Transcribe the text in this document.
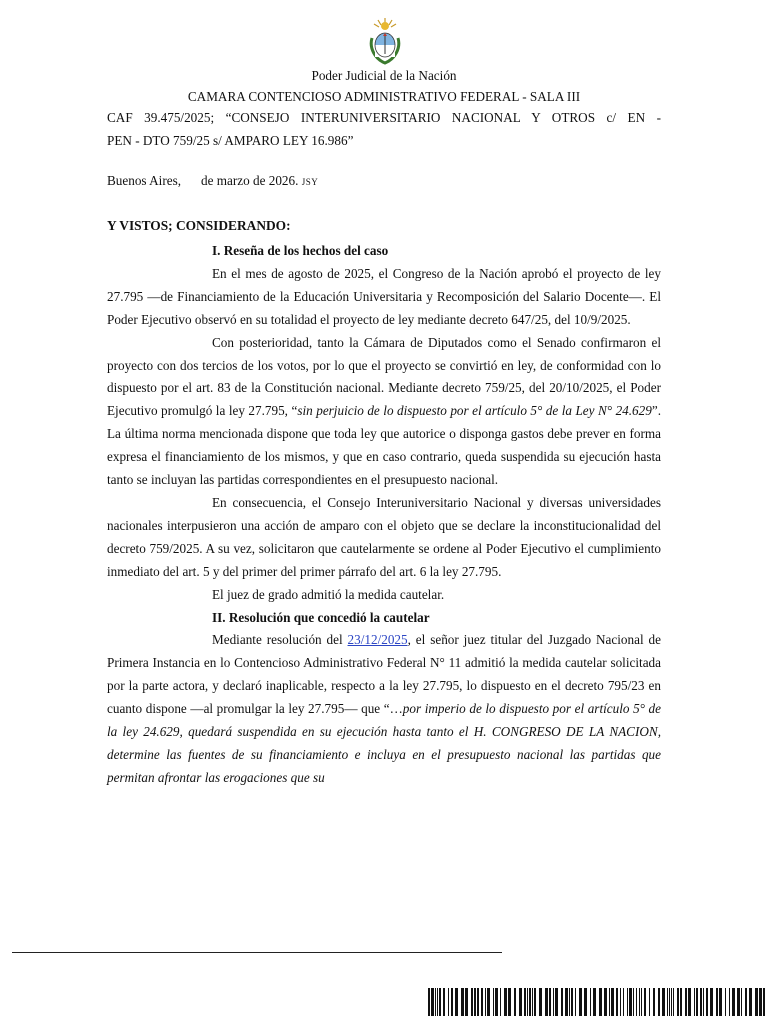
Poder Judicial de la Nación
CAMARA CONTENCIOSO ADMINISTRATIVO FEDERAL - SALA III
CAF 39.475/2025; “CONSEJO INTERUNIVERSITARIO NACIONAL Y OTROS c/ EN -
PEN - DTO 759/25 s/ AMPARO LEY 16.986”
Buenos Aires, de marzo de 2026. JSY
Y VISTOS; CONSIDERANDO:

I. Reseña de los hechos del caso

En el mes de agosto de 2025, el Congreso de la Nación aprobó el proyecto de ley 27.795 —de Financiamiento de la Educación Universitaria y Recomposición del Salario Docente—. El Poder Ejecutivo observó en su totalidad el proyecto de ley mediante decreto 647/25, del 10/9/2025.

Con posterioridad, tanto la Cámara de Diputados como el Senado confirmaron el proyecto con dos tercios de los votos, por lo que el proyecto se convirtió en ley, de conformidad con lo dispuesto por el art. 83 de la Constitución nacional. Mediante decreto 759/25, del 20/10/2025, el Poder Ejecutivo promulgó la ley 27.795, “sin perjuicio de lo dispuesto por el artículo 5° de la Ley N° 24.629”. La última norma mencionada dispone que toda ley que autorice o disponga gastos debe prever en forma expresa el financiamiento de los mismos, y que en caso contrario, queda suspendida su ejecución hasta tanto se incluyan las partidas correspondientes en el presupuesto nacional.

En consecuencia, el Consejo Interuniversitario Nacional y diversas universidades nacionales interpusieron una acción de amparo con el objeto que se declare la inconstitucionalidad del decreto 759/2025. A su vez, solicitaron que cautelarmente se ordene al Poder Ejecutivo el cumplimiento inmediato del art. 5 y del primer del primer párrafo del art. 6 la ley 27.795.

El juez de grado admitió la medida cautelar.

II. Resolución que concedió la cautelar

Mediante resolución del 23/12/2025, el señor juez titular del Juzgado Nacional de Primera Instancia en lo Contencioso Administrativo Federal N° 11 admitió la medida cautelar solicitada por la parte actora, y declaró inaplicable, respecto a la ley 27.795, lo dispuesto en el decreto 795/23 en cuanto dispone —al promulgar la ley 27.795— que “…por imperio de lo dispuesto por el artículo 5° de la ley 24.629, quedará suspendida en su ejecución hasta tanto el H. CONGRESO DE LA NACION, determine las fuentes de su financiamiento e incluya en el presupuesto nacional las partidas que permitan afrontar las erogaciones que su
